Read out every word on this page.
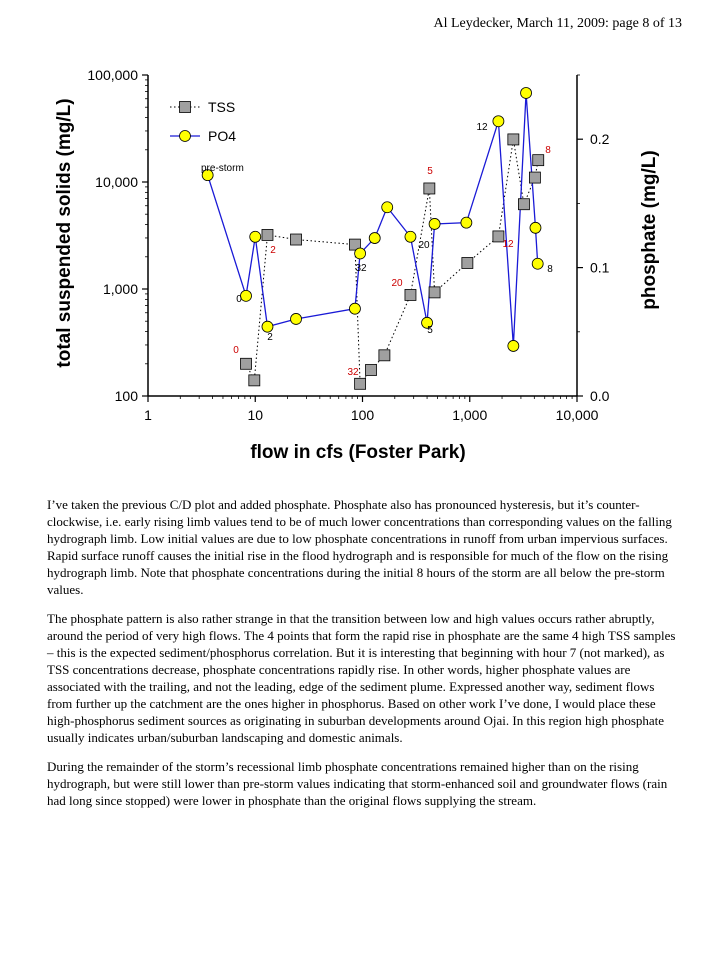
Al Leydecker, March 11, 2009: page 8 of 13
1	10	100	1,000	10,000
100
1,000
10,000
100,000
0.0
0.1
0.2
flow in cfs (Foster Park)
total suspended solids (mg/L)	phosphate (mg/L)
pre-storm
0
2
2
0
32
5
20
20
32
5
12
8
12
8
TSS
PO4

I’ve taken the previous C/D plot and added phosphate. Phosphate also has pronounced hysteresis, but it’s counter-clockwise, i.e. early rising limb values tend to be of much lower concentrations than corresponding values on the falling hydrograph limb. Low initial values are due to low phosphate concentrations in runoff from urban impervious surfaces. Rapid surface runoff causes the initial rise in the flood hydrograph and is responsible for much of the flow on the rising hydrograph limb. Note that phosphate concentrations during the initial 8 hours of the storm are all below the pre-storm values.

The phosphate pattern is also rather strange in that the transition between low and high values occurs rather abruptly, around the period of very high flows. The 4 points that form the rapid rise in phosphate are the same 4 high TSS samples – this is the expected sediment/phosphorus correlation. But it is interesting that beginning with hour 7 (not marked), as TSS concentrations decrease, phosphate concentrations rapidly rise. In other words, higher phosphate values are associated with the trailing, and not the leading, edge of the sediment plume. Expressed another way, sediment flows from further up the catchment are the ones higher in phosphorus. Based on other work I’ve done, I would place these high-phosphorus sediment sources as originating in suburban developments around Ojai. In this region high phosphate usually indicates urban/suburban landscaping and domestic animals.

During the remainder of the storm’s recessional limb phosphate concentrations remained higher than on the rising hydrograph, but were still lower than pre-storm values indicating that storm-enhanced soil and groundwater flows (rain had long since stopped) were lower in phosphate than the original flows supplying the stream.
